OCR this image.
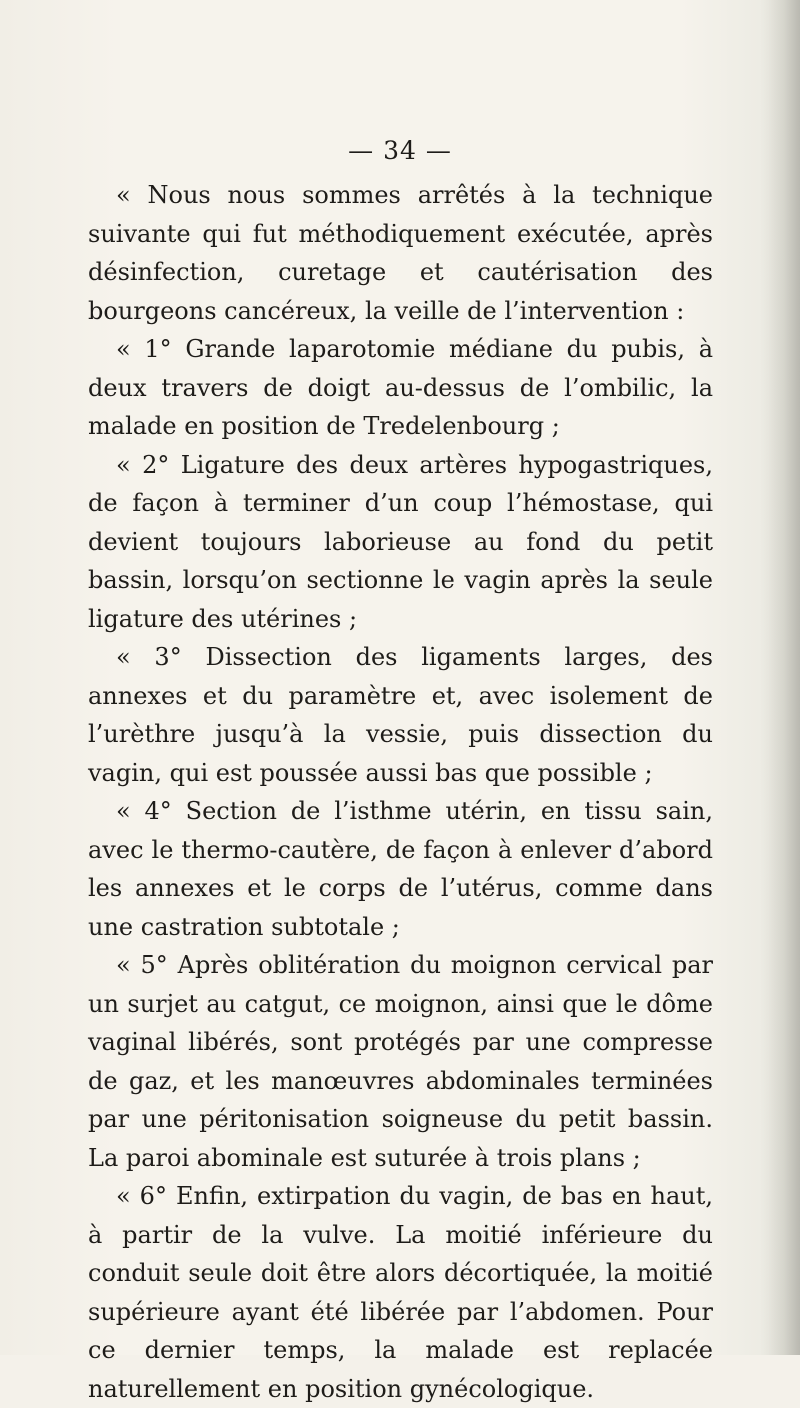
— 34 —

« Nous nous sommes arrêtés à la technique suivante qui fut méthodiquement exécutée, après désinfection, curetage et cautérisation des bourgeons cancéreux, la veille de l’intervention :

« 1° Grande laparotomie médiane du pubis, à deux travers de doigt au-dessus de l’ombilic, la malade en position de Tredelenbourg ;

« 2° Ligature des deux artères hypogastriques, de façon à terminer d’un coup l’hémostase, qui devient toujours laborieuse au fond du petit bassin, lorsqu’on sectionne le vagin après la seule ligature des utérines ;

« 3° Dissection des ligaments larges, des annexes et du paramètre et, avec isolement de l’urèthre jusqu’à la vessie, puis dissection du vagin, qui est poussée aussi bas que possible ;

« 4° Section de l’isthme utérin, en tissu sain, avec le thermo-cautère, de façon à enlever d’abord les annexes et le corps de l’utérus, comme dans une castration subtotale ;

« 5° Après oblitération du moignon cervical par un surjet au catgut, ce moignon, ainsi que le dôme vaginal libérés, sont protégés par une compresse de gaz, et les manœuvres abdominales terminées par une péritonisation soigneuse du petit bassin. La paroi abominale est suturée à trois plans ;

« 6° Enfin, extirpation du vagin, de bas en haut, à partir de la vulve. La moitié inférieure du conduit seule doit être alors décortiquée, la moitié supérieure ayant été libérée par l’abdomen. Pour ce dernier temps, la malade est replacée naturellement en position gynécologique.
